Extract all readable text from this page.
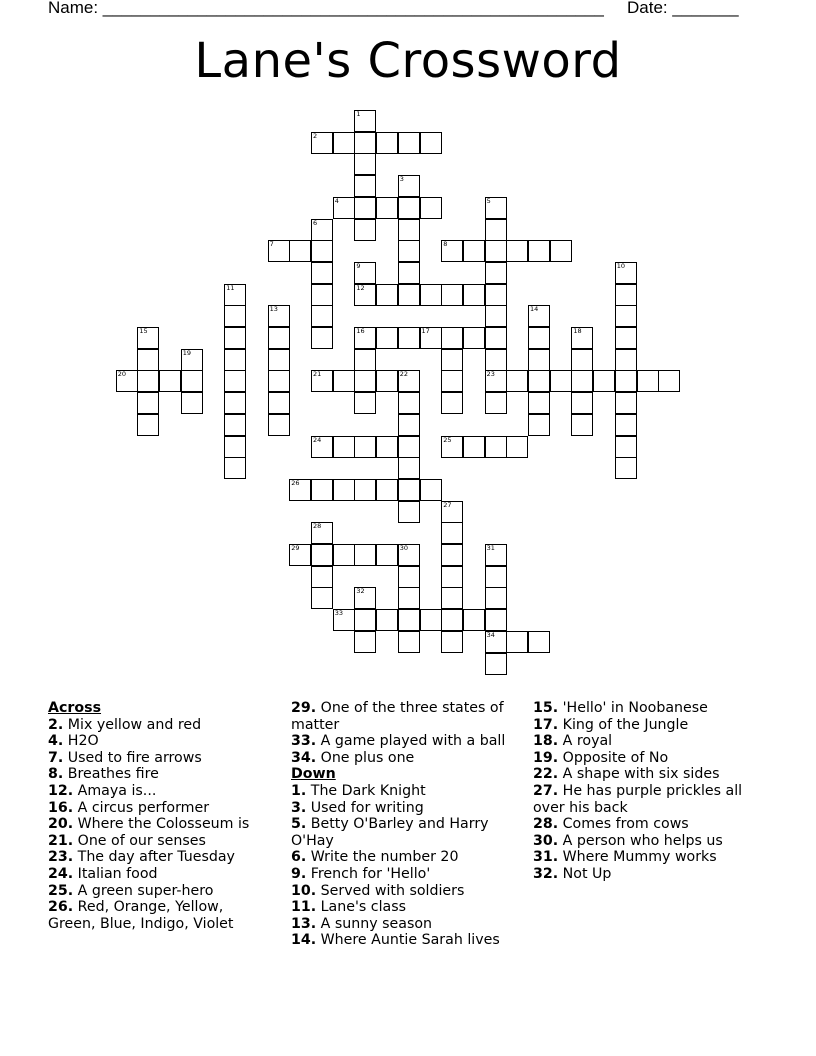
Name: _____________________________________________________ Date: _______
Lane's Crossword
1
2
3
4	5
6
7	8
9	10
11	12
13	14
15	16	17	18
19
20	21	22	23
24	25
26
27
28
29	30	31
32
33
34
Across
2. Mix yellow and red
4. H2O
7. Used to fire arrows
8. Breathes fire
12. Amaya is...
16. A circus performer
20. Where the Colosseum is
21. One of our senses
23. The day after Tuesday
24. Italian food
25. A green super-hero
26. Red, Orange, Yellow, Green, Blue, Indigo, Violet
29. One of the three states of matter
33. A game played with a ball
34. One plus one
Down
1. The Dark Knight
3. Used for writing
5. Betty O'Barley and Harry O'Hay
6. Write the number 20
9. French for 'Hello'
10. Served with soldiers
11. Lane's class
13. A sunny season
14. Where Auntie Sarah lives
15. 'Hello' in Noobanese
17. King of the Jungle
18. A royal
19. Opposite of No
22. A shape with six sides
27. He has purple prickles all over his back
28. Comes from cows
30. A person who helps us
31. Where Mummy works
32. Not Up
